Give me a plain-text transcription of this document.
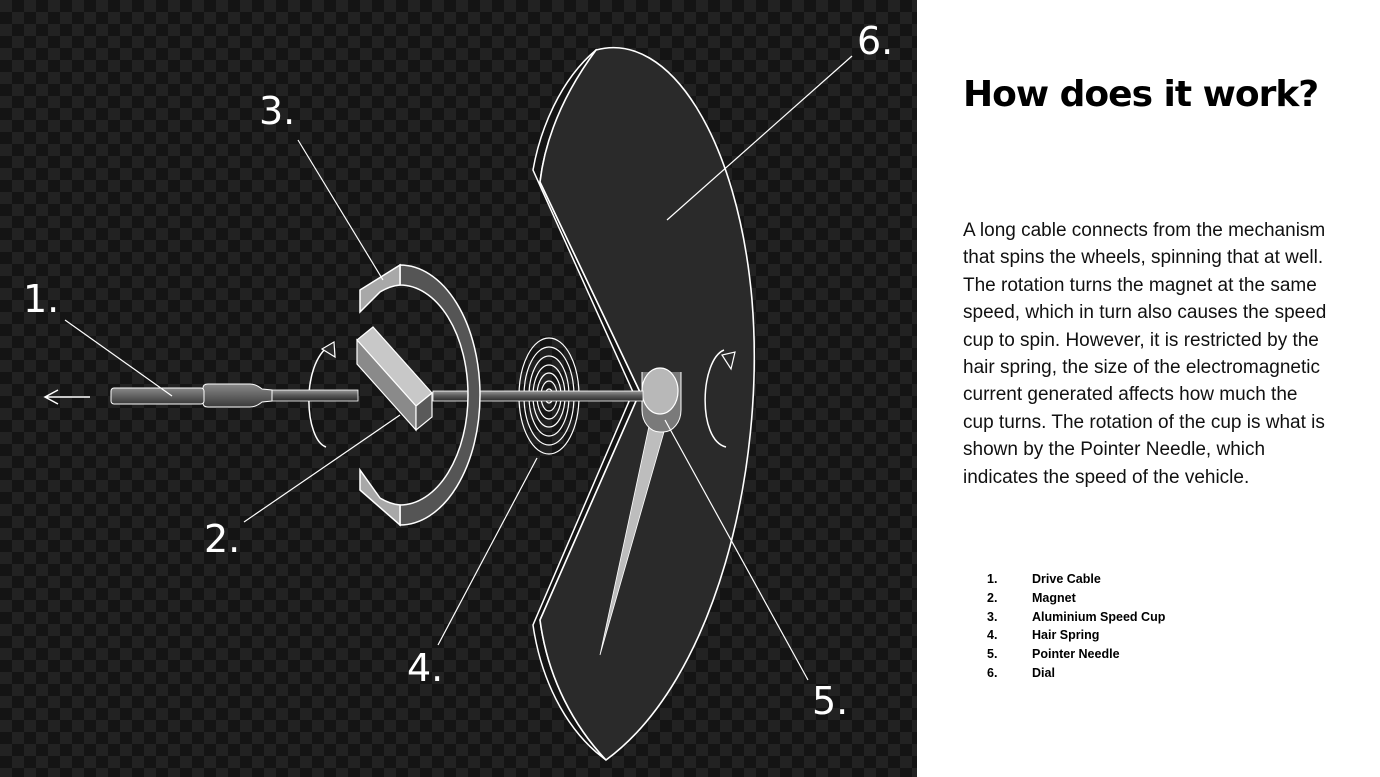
1.
2.
3.
4.
5.
6.
How does it work?

A long cable connects from the mechanism that spins the wheels, spinning that at well. The rotation turns the magnet at the same speed, which in turn also causes the speed cup to spin. However, it is restricted by the hair spring, the size of the electromagnetic current generated affects how much the cup turns. The rotation of the cup is what is shown by the Pointer Needle, which indicates the speed of the vehicle.

1.	Drive Cable
2.	Magnet
3.	Aluminium Speed Cup
4.	Hair Spring
5.	Pointer Needle
6.	Dial
